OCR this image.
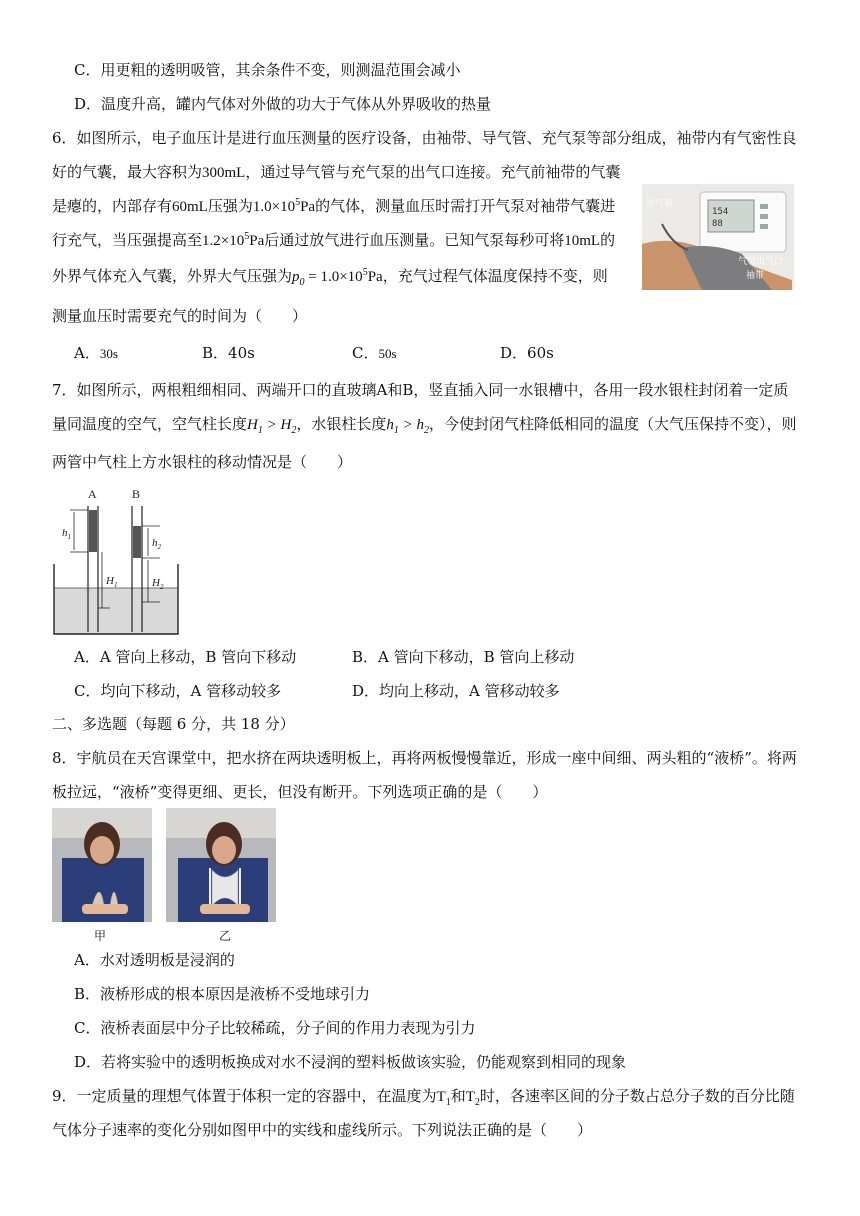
C．用更粗的透明吸管，其余条件不变，则测温范围会减小
D．温度升高，罐内气体对外做的功大于气体从外界吸收的热量
6．如图所示，电子血压计是进行血压测量的医疗设备，由袖带、导气管、充气泵等部分组成，袖带内有气密性良
好的气囊，最大容积为300mL，通过导气管与充气泵的出气口连接。充气前袖带的气囊
是瘪的，内部存有60mL压强为$1.0\times 10^5Pa$的气体，测量血压时需打开气泵对袖带气囊进
行充气，当压强提高至$1.2\times 10^5Pa$后通过放气进行血压测量。已知气泵每秒可将10mL的
外界气体充入气囊，外界大气压强为$p_0 = 1.0\times 10^5Pa$，充气过程气体温度保持不变，则
测量血压时需要充气的时间为（　　）
154
88
导气管
气泵出气口
袖带
A．30s	B．40s	C．50s	D．60s
7．如图所示，两根粗细相同、两端开口的直玻璃A和B，竖直插入同一水银槽中，各用一段水银柱封闭着一定质
量同温度的空气，空气柱长度$H_1 > H_2$，水银柱长度$h_1 > h_2$，今使封闭气柱降低相同的温度（大气压保持不变），则
两管中气柱上方水银柱的移动情况是（　　）
A	B
$h_1$
$H_1$
$h_2$
$H_2$
A．A 管向上移动，B 管向下移动	B．A 管向下移动，B 管向上移动
C．均向下移动，A 管移动较多	D．均向上移动，A 管移动较多
二、多选题（每题 6 分，共 18 分）
8．宇航员在天宫课堂中，把水挤在两块透明板上，再将两板慢慢靠近，形成一座中间细、两头粗的“液桥”。将两
板拉远，“液桥”变得更细、更长，但没有断开。下列选项正确的是（　　）
甲	乙
A．水对透明板是浸润的
B．液桥形成的根本原因是液桥不受地球引力
C．液桥表面层中分子比较稀疏，分子间的作用力表现为引力
D．若将实验中的透明板换成对水不浸润的塑料板做该实验，仍能观察到相同的现象
9．一定质量的理想气体置于体积一定的容器中，在温度为$T_1$和$T_2$时，各速率区间的分子数占总分子数的百分比随
气体分子速率的变化分别如图甲中的实线和虚线所示。下列说法正确的是（　　）
